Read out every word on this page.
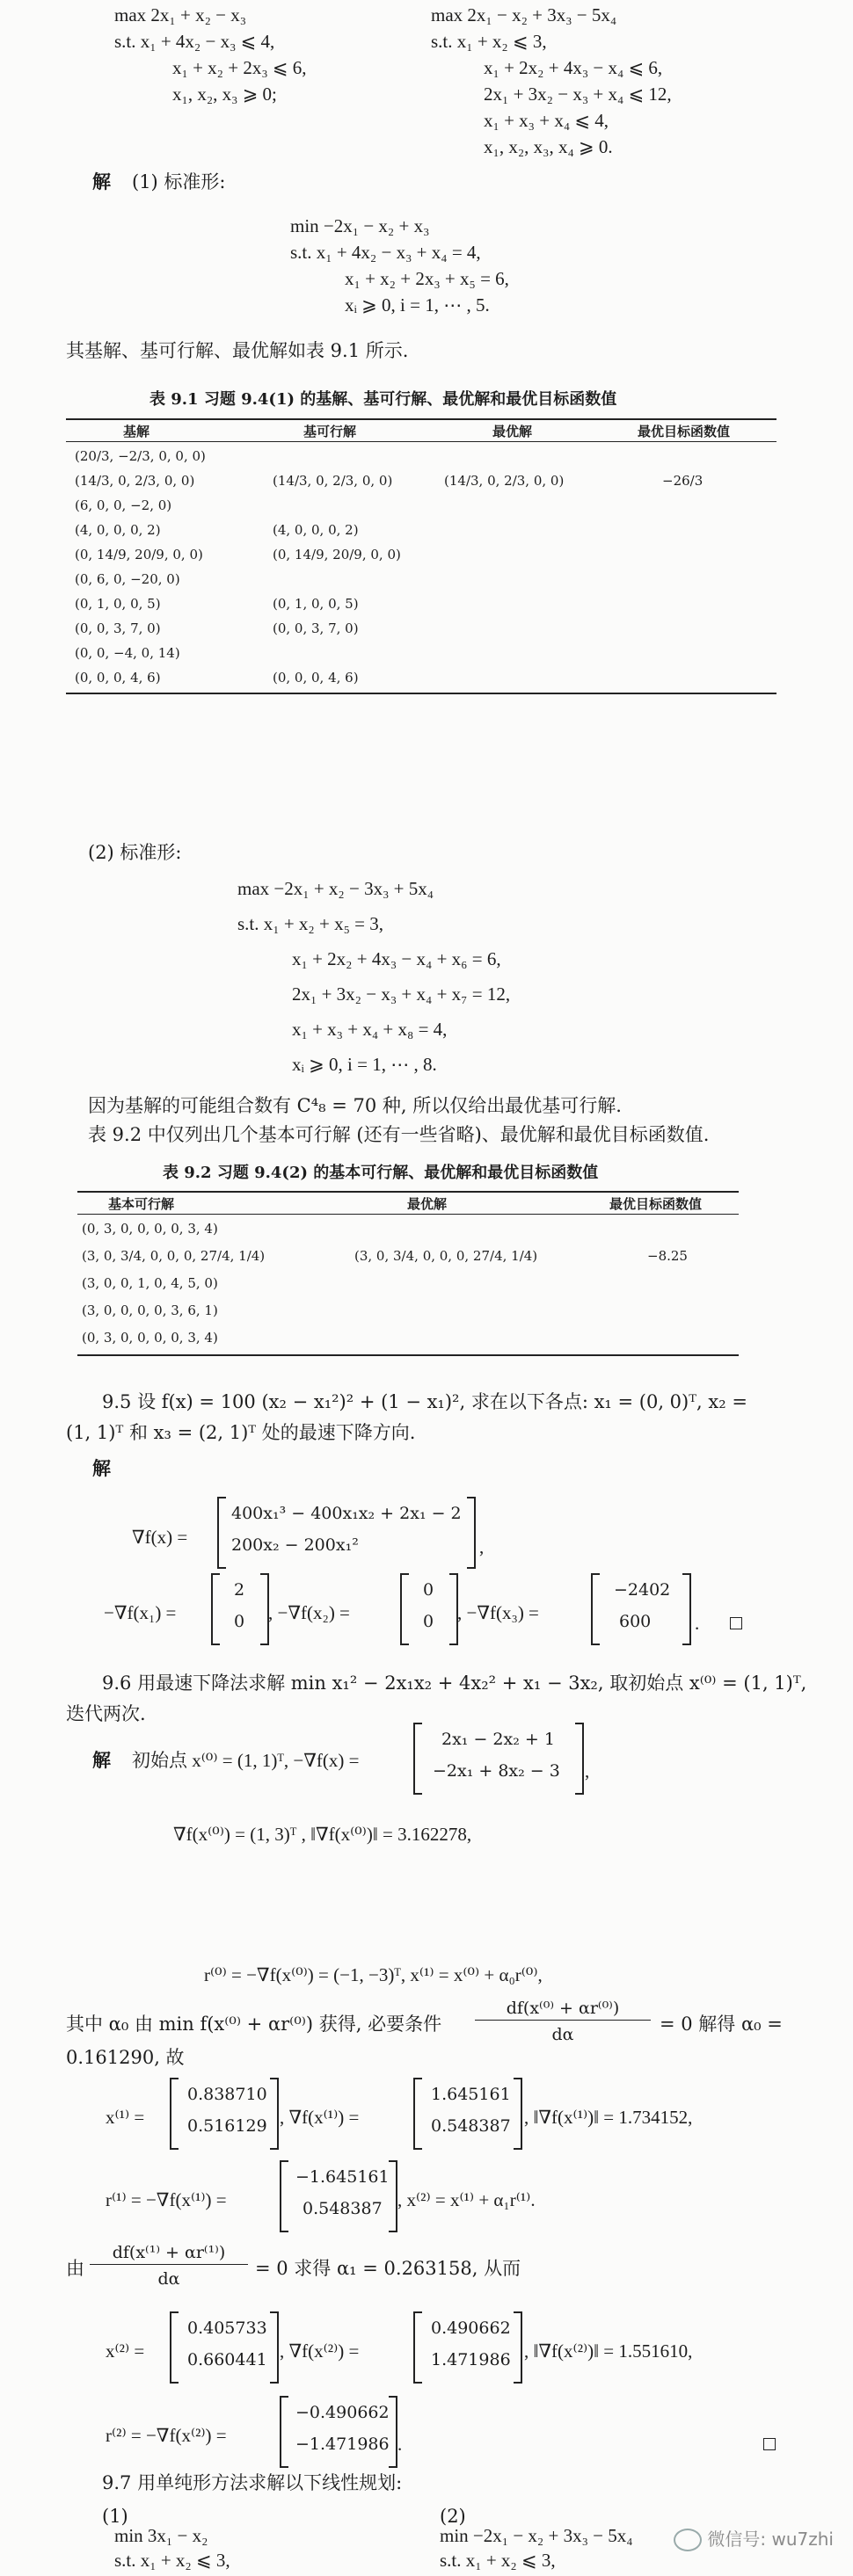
max 2x₁ + x₂ − x₃
s.t. x₁ + 4x₂ − x₃ ⩽ 4,
x₁ + x₂ + 2x₃ ⩽ 6,
x₁, x₂, x₃ ⩾ 0;
max 2x₁ − x₂ + 3x₃ − 5x₄
s.t. x₁ + x₂ ⩽ 3,
x₁ + 2x₂ + 4x₃ − x₄ ⩽ 6,
2x₁ + 3x₂ − x₃ + x₄ ⩽ 12,
x₁ + x₃ + x₄ ⩽ 4,
x₁, x₂, x₃, x₄ ⩾ 0.
解 (1) 标准形:
min −2x₁ − x₂ + x₃
s.t. x₁ + 4x₂ − x₃ + x₄ = 4,
x₁ + x₂ + 2x₃ + x₅ = 6,
xᵢ ⩾ 0, i = 1, ⋯ , 5.
其基解、基可行解、最优解如表 9.1 所示.
表 9.1 习题 9.4(1) 的基解、基可行解、最优解和最优目标函数值
基解	基可行解	最优解	最优目标函数值
(20/3, −2/3, 0, 0, 0)
(14/3, 0, 2/3, 0, 0)	(14/3, 0, 2/3, 0, 0)	(14/3, 0, 2/3, 0, 0)	−26/3
(6, 0, 0, −2, 0)
(4, 0, 0, 0, 2)	(4, 0, 0, 0, 2)
(0, 14/9, 20/9, 0, 0)	(0, 14/9, 20/9, 0, 0)
(0, 6, 0, −20, 0)
(0, 1, 0, 0, 5)	(0, 1, 0, 0, 5)
(0, 0, 3, 7, 0)	(0, 0, 3, 7, 0)
(0, 0, −4, 0, 14)
(0, 0, 0, 4, 6)	(0, 0, 0, 4, 6)
(2) 标准形:
max −2x₁ + x₂ − 3x₃ + 5x₄
s.t. x₁ + x₂ + x₅ = 3,
x₁ + 2x₂ + 4x₃ − x₄ + x₆ = 6,
2x₁ + 3x₂ − x₃ + x₄ + x₇ = 12,
x₁ + x₃ + x₄ + x₈ = 4,
xᵢ ⩾ 0, i = 1, ⋯ , 8.
因为基解的可能组合数有 C⁴₈ = 70 种, 所以仅给出最优基可行解.
表 9.2 中仅列出几个基本可行解 (还有一些省略)、最优解和最优目标函数值.
表 9.2 习题 9.4(2) 的基本可行解、最优解和最优目标函数值
基本可行解	最优解	最优目标函数值
(0, 3, 0, 0, 0, 0, 3, 4)
(3, 0, 3/4, 0, 0, 0, 27/4, 1/4)	(3, 0, 3/4, 0, 0, 0, 27/4, 1/4)	−8.25
(3, 0, 0, 1, 0, 4, 5, 0)
(3, 0, 0, 0, 0, 3, 6, 1)
(0, 3, 0, 0, 0, 0, 3, 4)
9.5 设 f(x) = 100 (x₂ − x₁²)² + (1 − x₁)², 求在以下各点: x₁ = (0, 0)ᵀ, x₂ =
(1, 1)ᵀ 和 x₃ = (2, 1)ᵀ 处的最速下降方向.
解
∇f(x) =
400x₁³ − 400x₁x₂ + 2x₁ − 2
200x₂ − 200x₁²	,
−∇f(x₁) =
2
0 , −∇f(x₂) =
0
0 , −∇f(x₃) =
−2402
600 .
9.6 用最速下降法求解 min x₁² − 2x₁x₂ + 4x₂² + x₁ − 3x₂, 取初始点 x⁽⁰⁾ = (1, 1)ᵀ,
迭代两次.
解 初始点 x⁽⁰⁾ = (1, 1)ᵀ, −∇f(x) =
2x₁ − 2x₂ + 1
−2x₁ + 8x₂ − 3 ,
∇f(x⁽⁰⁾) = (1, 3)ᵀ , ‖∇f(x⁽⁰⁾)‖ = 3.162278,
r⁽⁰⁾ = −∇f(x⁽⁰⁾) = (−1, −3)ᵀ, x⁽¹⁾ = x⁽⁰⁾ + α₀r⁽⁰⁾,
其中 α₀ 由 min f(x⁽⁰⁾ + αr⁽⁰⁾) 获得, 必要条件
df(x⁽⁰⁾ + αr⁽⁰⁾)
dα	= 0 解得 α₀ =
0.161290, 故
x⁽¹⁾ =
0.838710
0.516129 , ∇f(x⁽¹⁾) =
1.645161
0.548387 , ‖∇f(x⁽¹⁾)‖ = 1.734152,
r⁽¹⁾ = −∇f(x⁽¹⁾) =
−1.645161
0.548387 , x⁽²⁾ = x⁽¹⁾ + α₁r⁽¹⁾.
由
df(x⁽¹⁾ + αr⁽¹⁾)
dα	= 0 求得 α₁ = 0.263158, 从而
x⁽²⁾ =
0.405733
0.660441 , ∇f(x⁽²⁾) =
0.490662
1.471986 , ‖∇f(x⁽²⁾)‖ = 1.551610,
r⁽²⁾ = −∇f(x⁽²⁾) =
−0.490662
−1.471986 .
9.7 用单纯形方法求解以下线性规划:
(1)	(2)
min 3x₁ − x₂
s.t. x₁ + x₂ ⩽ 3,
min −2x₁ − x₂ + 3x₃ − 5x₄
s.t. x₁ + x₂ ⩽ 3,
微信号: wu7zhi
